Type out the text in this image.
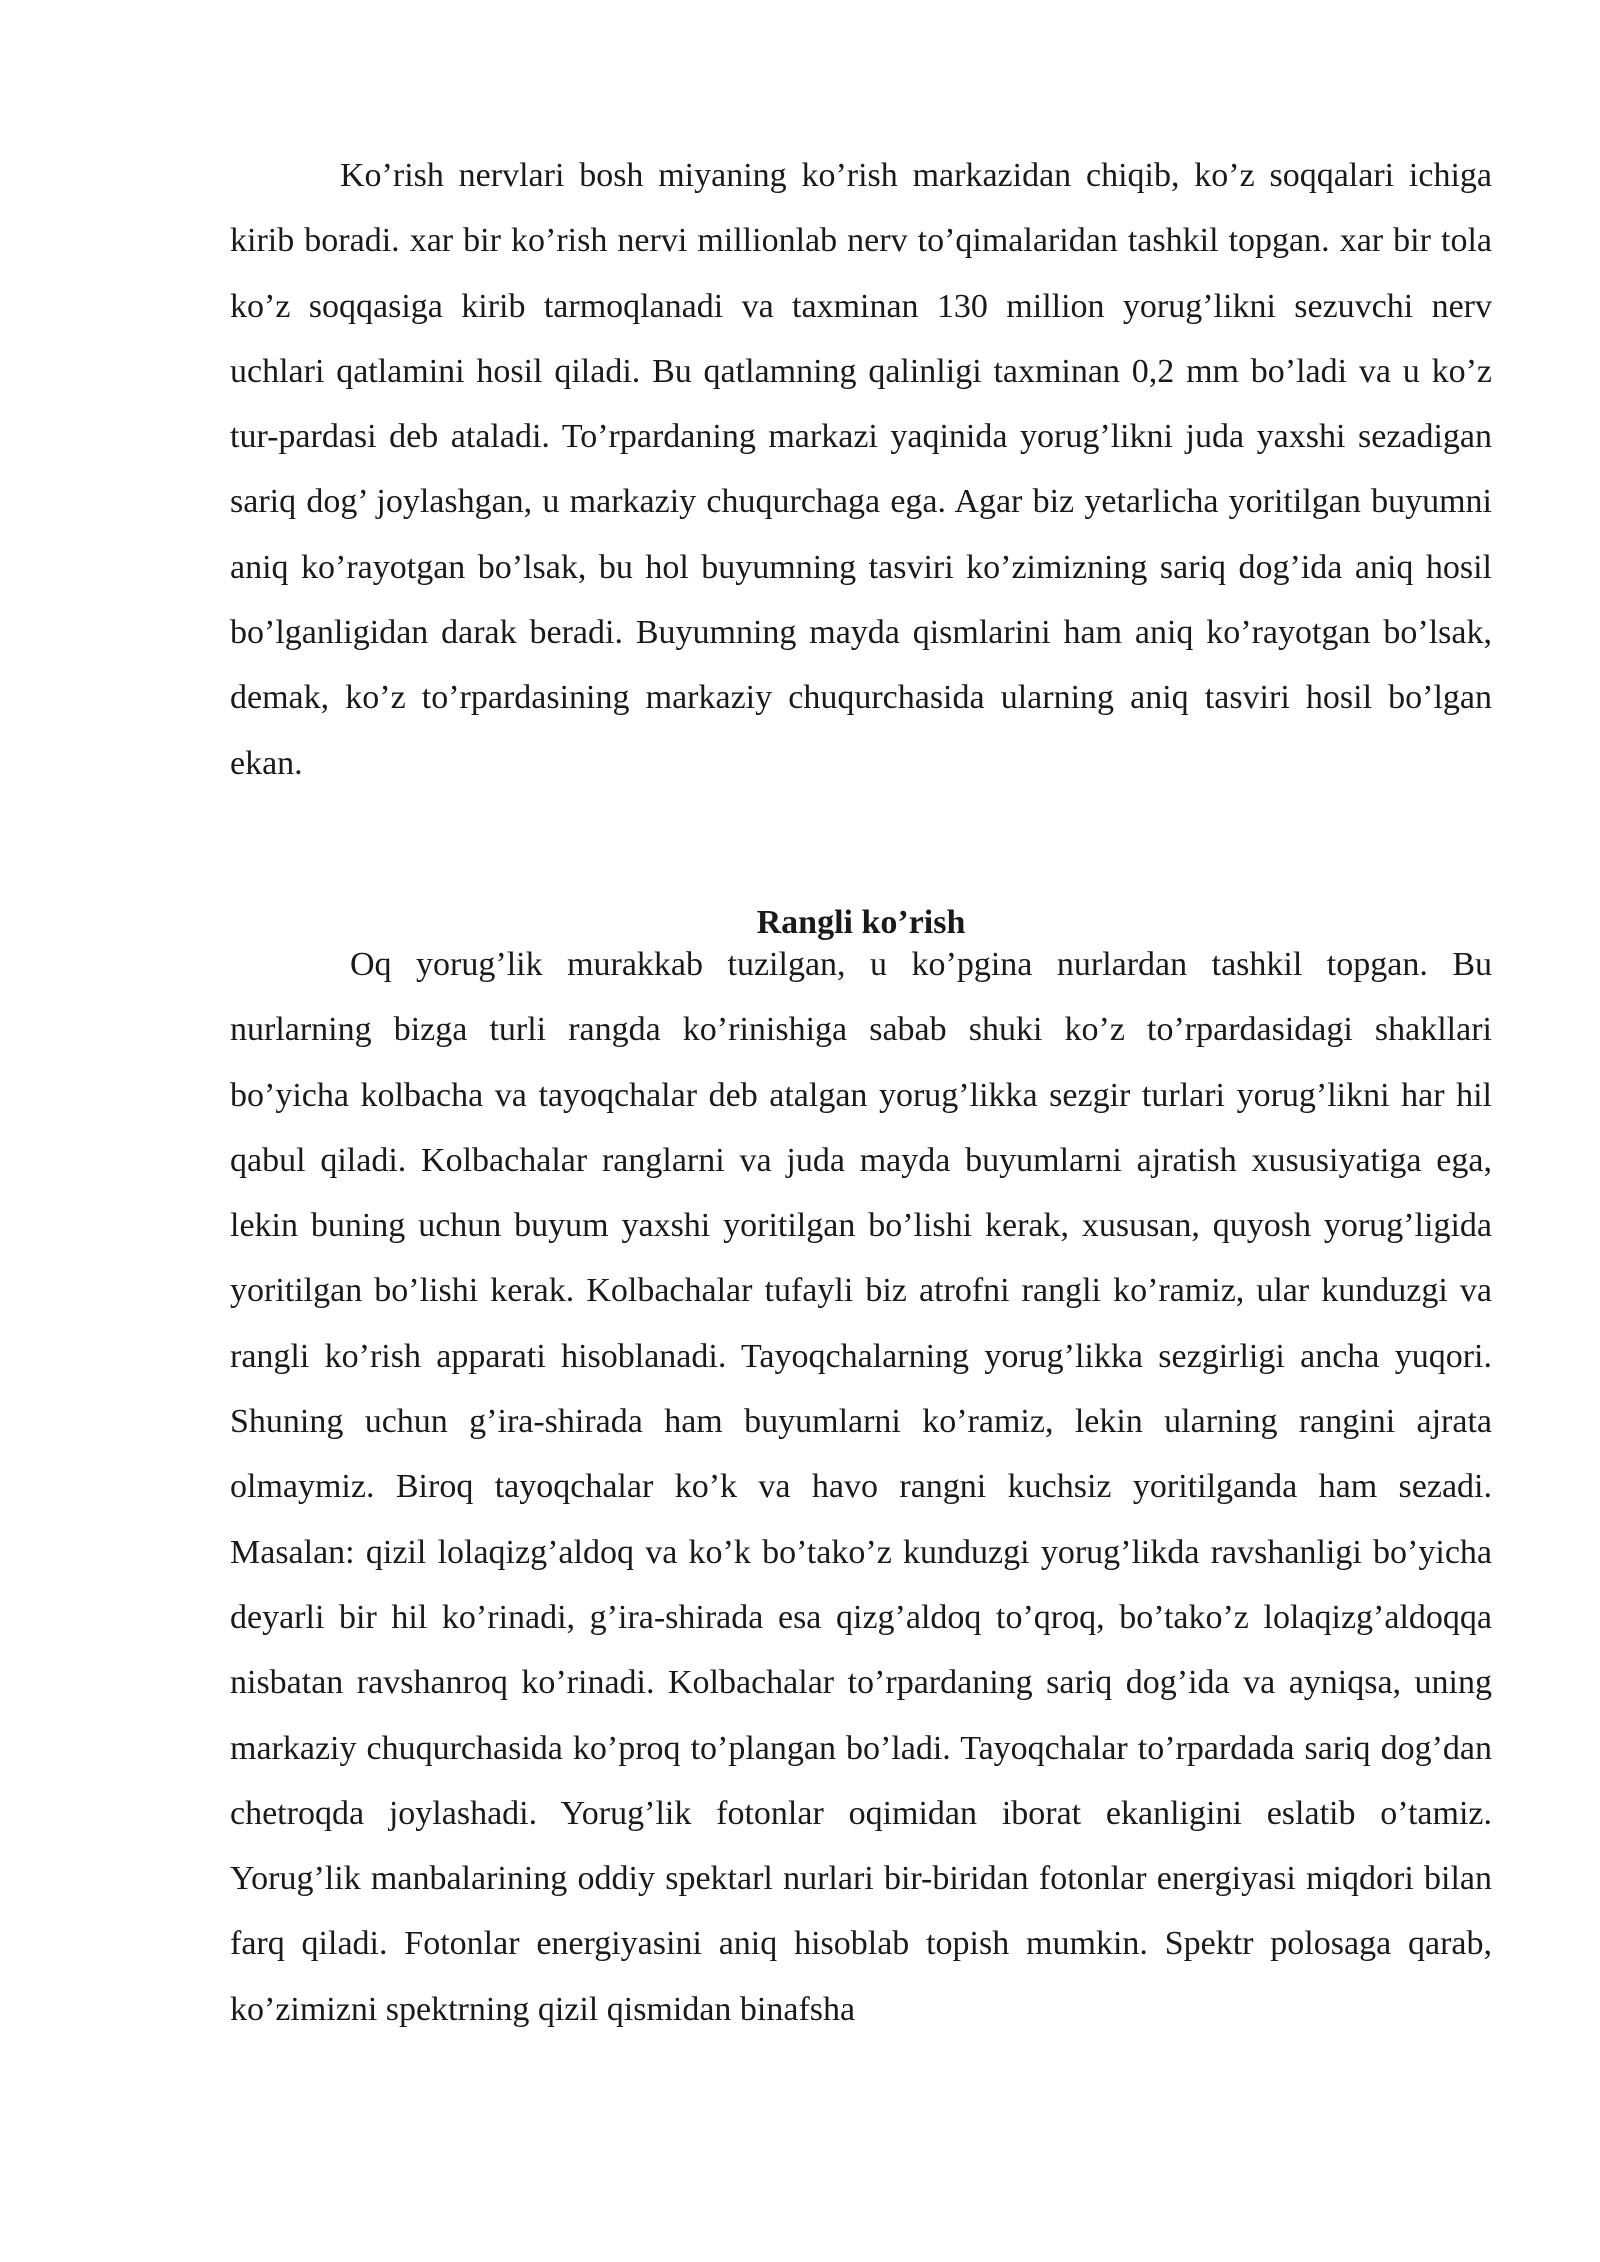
Ko’rish nervlari bosh miyaning ko’rish markazidan chiqib, ko’z soqqalari ichiga kirib boradi. xar bir ko’rish nervi millionlab nerv to’qimalaridan tashkil topgan. xar bir tola ko’z soqqasiga kirib tarmoqlanadi va taxminan 130 million yorug’likni sezuvchi nerv uchlari qatlamini hosil qiladi. Bu qatlamning qalinligi taxminan 0,2 mm bo’ladi va u ko’z tur-pardasi deb ataladi. To’rpardaning markazi yaqinida yorug’likni juda yaxshi sezadigan sariq dog’ joylashgan, u markaziy chuqurchaga ega. Agar biz yetarlicha yoritilgan buyumni aniq ko’rayotgan bo’lsak, bu hol buyumning tasviri ko’zimizning sariq dog’ida aniq hosil bo’lganligidan darak beradi. Buyumning mayda qismlarini ham aniq ko’rayotgan bo’lsak, demak, ko’z to’rpardasining markaziy chuqurchasida ularning aniq tasviri hosil bo’lgan ekan.

Rangli ko’rish

Oq yorug’lik murakkab tuzilgan, u ko’pgina nurlardan tashkil topgan. Bu nurlarning bizga turli rangda ko’rinishiga sabab shuki ko’z to’rpardasidagi shakllari bo’yicha kolbacha va tayoqchalar deb atalgan yorug’likka sezgir turlari yorug’likni har hil qabul qiladi. Kolbachalar ranglarni va juda mayda buyumlarni ajratish xususiyatiga ega, lekin buning uchun buyum yaxshi yoritilgan bo’lishi kerak, xususan, quyosh yorug’ligida yoritilgan bo’lishi kerak. Kolbachalar tufayli biz atrofni rangli ko’ramiz, ular kunduzgi va rangli ko’rish apparati hisoblanadi. Tayoqchalarning yorug’likka sezgirligi ancha yuqori. Shuning uchun g’ira-shirada ham buyumlarni ko’ramiz, lekin ularning rangini ajrata olmaymiz. Biroq tayoqchalar ko’k va havo rangni kuchsiz yoritilganda ham sezadi. Masalan: qizil lolaqizg’aldoq va ko’k bo’tako’z kunduzgi yorug’likda ravshanligi bo’yicha deyarli bir hil ko’rinadi, g’ira-shirada esa qizg’aldoq to’qroq, bo’tako’z lolaqizg’aldoqqa nisbatan ravshanroq ko’rinadi. Kolbachalar to’rpardaning sariq dog’ida va ayniqsa, uning markaziy chuqurchasida ko’proq to’plangan bo’ladi. Tayoqchalar to’rpardada sariq dog’dan chetroqda joylashadi. Yorug’lik fotonlar oqimidan iborat ekanligini eslatib o’tamiz. Yorug’lik manbalarining oddiy spektarl nurlari bir-biridan fotonlar energiyasi miqdori bilan farq qiladi. Fotonlar energiyasini aniq hisoblab topish mumkin. Spektr polosaga qarab, ko’zimizni spektrning qizil qismidan binafsha
